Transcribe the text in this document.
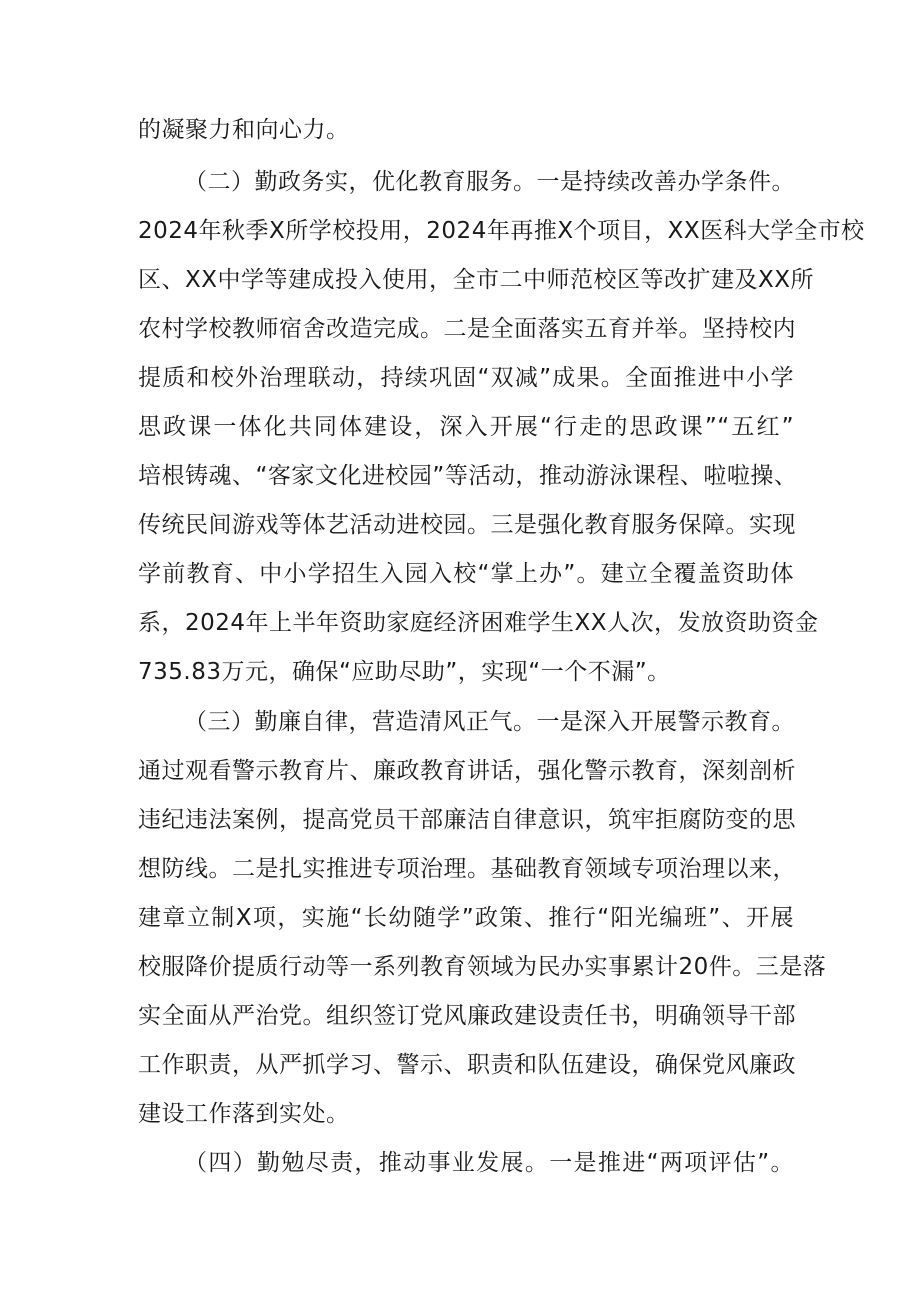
的凝聚力和向心力。
（二）勤政务实，优化教育服务。一是持续改善办学条件。
2024年秋季X所学校投用，2024年再推X个项目，XX医科大学全市校
区、XX中学等建成投入使用，全市二中师范校区等改扩建及XX所
农村学校教师宿舍改造完成。二是全面落实五育并举。坚持校内
提质和校外治理联动，持续巩固“双减”成果。全面推进中小学
思政课一体化共同体建设，深入开展“行走的思政课”“五红”
培根铸魂、“客家文化进校园”等活动，推动游泳课程、啦啦操、
传统民间游戏等体艺活动进校园。三是强化教育服务保障。实现
学前教育、中小学招生入园入校“掌上办”。建立全覆盖资助体
系，2024年上半年资助家庭经济困难学生XX人次，发放资助资金
735.83万元，确保“应助尽助”，实现“一个不漏”。
（三）勤廉自律，营造清风正气。一是深入开展警示教育。
通过观看警示教育片、廉政教育讲话，强化警示教育，深刻剖析
违纪违法案例，提高党员干部廉洁自律意识，筑牢拒腐防变的思
想防线。二是扎实推进专项治理。基础教育领域专项治理以来，
建章立制X项，实施“长幼随学”政策、推行“阳光编班”、开展
校服降价提质行动等一系列教育领域为民办实事累计20件。三是落
实全面从严治党。组织签订党风廉政建设责任书，明确领导干部
工作职责，从严抓学习、警示、职责和队伍建设，确保党风廉政
建设工作落到实处。
（四）勤勉尽责，推动事业发展。一是推进“两项评估”。
